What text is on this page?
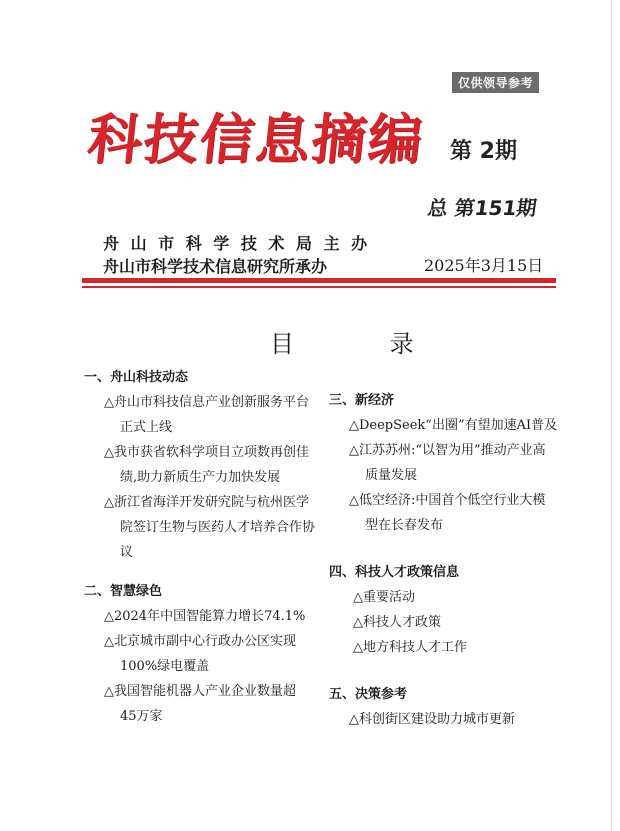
仅供领导参考
科技信息摘编 第 2期
总 第151期
舟 山 市 科 学 技 术 局 主 办
舟山市科学技术信息研究所承办	2025年3月15日
目 录
一、舟山科技动态
△舟山市科技信息产业创新服务平台
正式上线
△我市获省软科学项目立项数再创佳
绩,助力新质生产力加快发展
△浙江省海洋开发研究院与杭州医学
院签订生物与医药人才培养合作协
议
二、智慧绿色
△2024年中国智能算力增长74.1%
△北京城市副中心行政办公区实现
100%绿电覆盖
△我国智能机器人产业企业数量超
45万家
三、新经济
△DeepSeek“出圈”有望加速AI普及
△江苏苏州:“以智为用”推动产业高
质量发展
△低空经济:中国首个低空行业大模
型在长春发布
四、科技人才政策信息
△重要活动
△科技人才政策
△地方科技人才工作
五、决策参考
△科创街区建设助力城市更新
